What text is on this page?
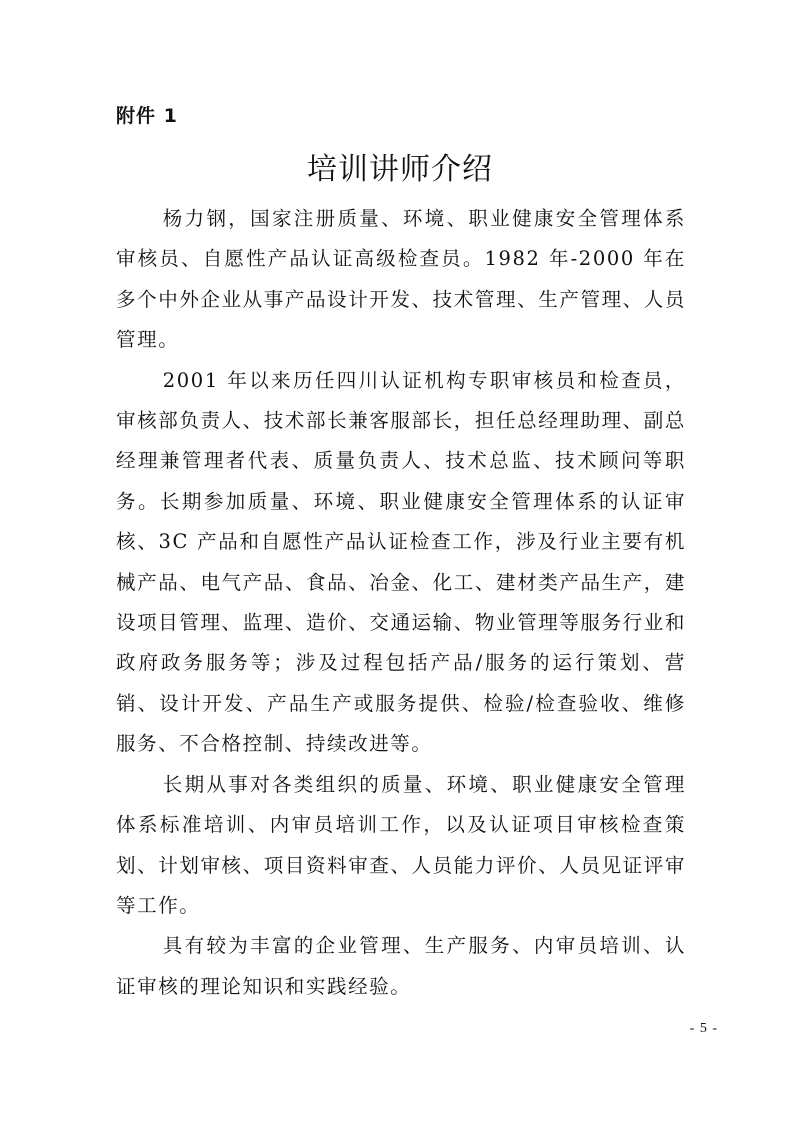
附件 1
培训讲师介绍

杨力钢，国家注册质量、环境、职业健康安全管理体系审核员、自愿性产品认证高级检查员。1982 年-2000 年在多个中外企业从事产品设计开发、技术管理、生产管理、人员管理。

2001 年以来历任四川认证机构专职审核员和检查员，审核部负责人、技术部长兼客服部长，担任总经理助理、副总经理兼管理者代表、质量负责人、技术总监、技术顾问等职务。长期参加质量、环境、职业健康安全管理体系的认证审核、3C 产品和自愿性产品认证检查工作，涉及行业主要有机械产品、电气产品、食品、冶金、化工、建材类产品生产，建设项目管理、监理、造价、交通运输、物业管理等服务行业和政府政务服务等；涉及过程包括产品/服务的运行策划、营销、设计开发、产品生产或服务提供、检验/检查验收、维修服务、不合格控制、持续改进等。

长期从事对各类组织的质量、环境、职业健康安全管理体系标准培训、内审员培训工作，以及认证项目审核检查策划、计划审核、项目资料审查、人员能力评价、人员见证评审等工作。

具有较为丰富的企业管理、生产服务、内审员培训、认证审核的理论知识和实践经验。

- 5 -
